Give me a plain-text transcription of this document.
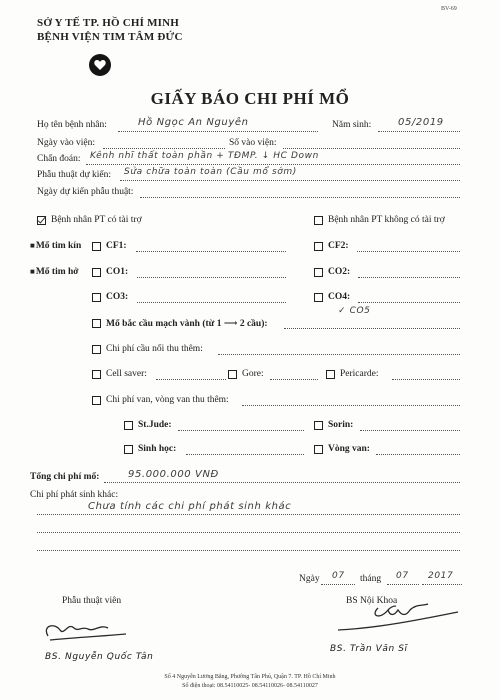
SỞ Y TẾ TP. HỒ CHÍ MINH
BỆNH VIỆN TIM TÂM ĐỨC
BV-69
GIẤY BÁO CHI PHÍ MỔ
Họ tên bệnh nhân:	Hồ Ngọc An Nguyên	Năm sinh:	05/2019
Ngày vào viện:	Số vào viện:
Chẩn đoán: Kênh nhĩ thất toàn phần + TĐMP. ↓ HC Down
Phẫu thuật dự kiến: Sửa chữa toàn toàn (Cầu mổ sớm)
Ngày dự kiến phẫu thuật:
Bệnh nhân PT có tài trợ	Bệnh nhân PT không có tài trợ
■Mổ tim kín	CF1:	CF2:
■Mổ tim hở	CO1:	CO2:
CO3:	CO4:
✓ CO5
Mổ bắc cầu mạch vành (từ 1 ⟶ 2 cầu):
Chi phí cầu nối thu thêm:
Cell saver:	Gore:	Pericarde:
Chi phí van, vòng van thu thêm:
St.Jude:	Sorin:
Sinh học:	Vòng van:
Tổng chi phí mổ:	95.000.000 VNĐ
Chi phí phát sinh khác:
Chưa tính các chi phí phát sinh khác
Ngày 07 tháng 07 2017
Phẫu thuật viên	BS Nội Khoa
BS. Nguyễn Quốc Tân
BS. Trần Văn Sĩ
Số 4 Nguyễn Lương Bằng, Phường Tân Phú, Quận 7. TP. Hồ Chí Minh
Số điện thoại: 08.54110025- 08.54110026- 08.54110027
